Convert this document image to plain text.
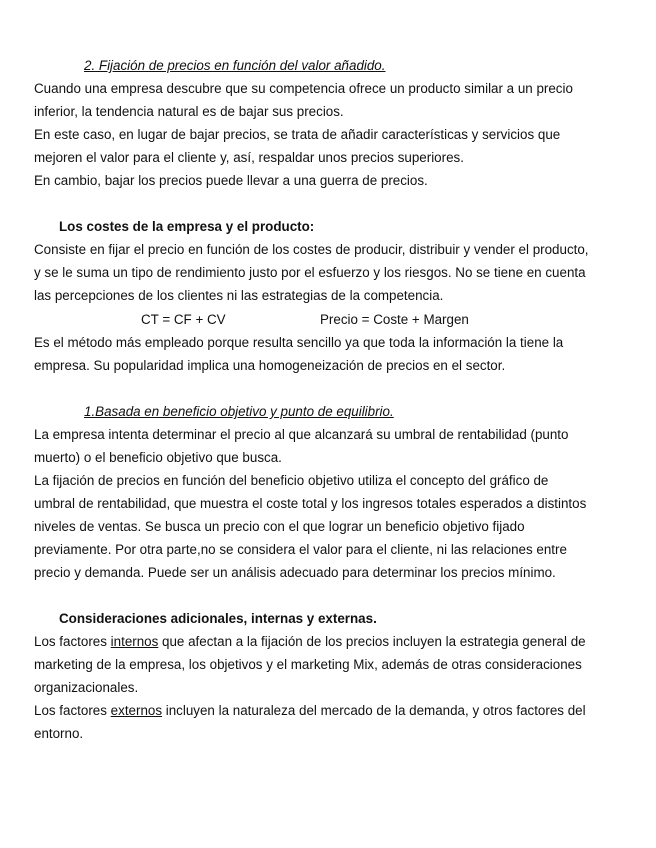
2. Fijación de precios en función del valor añadido.
Cuando una empresa descubre que su competencia ofrece un producto similar a un precio
inferior, la tendencia natural es de bajar sus precios.
En este caso, en lugar de bajar precios, se trata de añadir características y servicios que
mejoren el valor para el cliente y, así, respaldar unos precios superiores.
En cambio, bajar los precios puede llevar a una guerra de precios.
Los costes de la empresa y el producto:
Consiste en fijar el precio en función de los costes de producir, distribuir y vender el producto,
y se le suma un tipo de rendimiento justo por el esfuerzo y los riesgos. No se tiene en cuenta
las percepciones de los clientes ni las estrategias de la competencia.
CT = CF + CV	Precio = Coste + Margen
Es el método más empleado porque resulta sencillo ya que toda la información la tiene la
empresa. Su popularidad implica una homogeneización de precios en el sector.
1.Basada en beneficio objetivo y punto de equilibrio.
La empresa intenta determinar el precio al que alcanzará su umbral de rentabilidad (punto
muerto) o el beneficio objetivo que busca.
La fijación de precios en función del beneficio objetivo utiliza el concepto del gráfico de
umbral de rentabilidad, que muestra el coste total y los ingresos totales esperados a distintos
niveles de ventas. Se busca un precio con el que lograr un beneficio objetivo fijado
previamente. Por otra parte,no se considera el valor para el cliente, ni las relaciones entre
precio y demanda. Puede ser un análisis adecuado para determinar los precios mínimo.
Consideraciones adicionales, internas y externas.
Los factores internos que afectan a la fijación de los precios incluyen la estrategia general de
marketing de la empresa, los objetivos y el marketing Mix, además de otras consideraciones
organizacionales.
Los factores externos incluyen la naturaleza del mercado de la demanda, y otros factores del
entorno.
